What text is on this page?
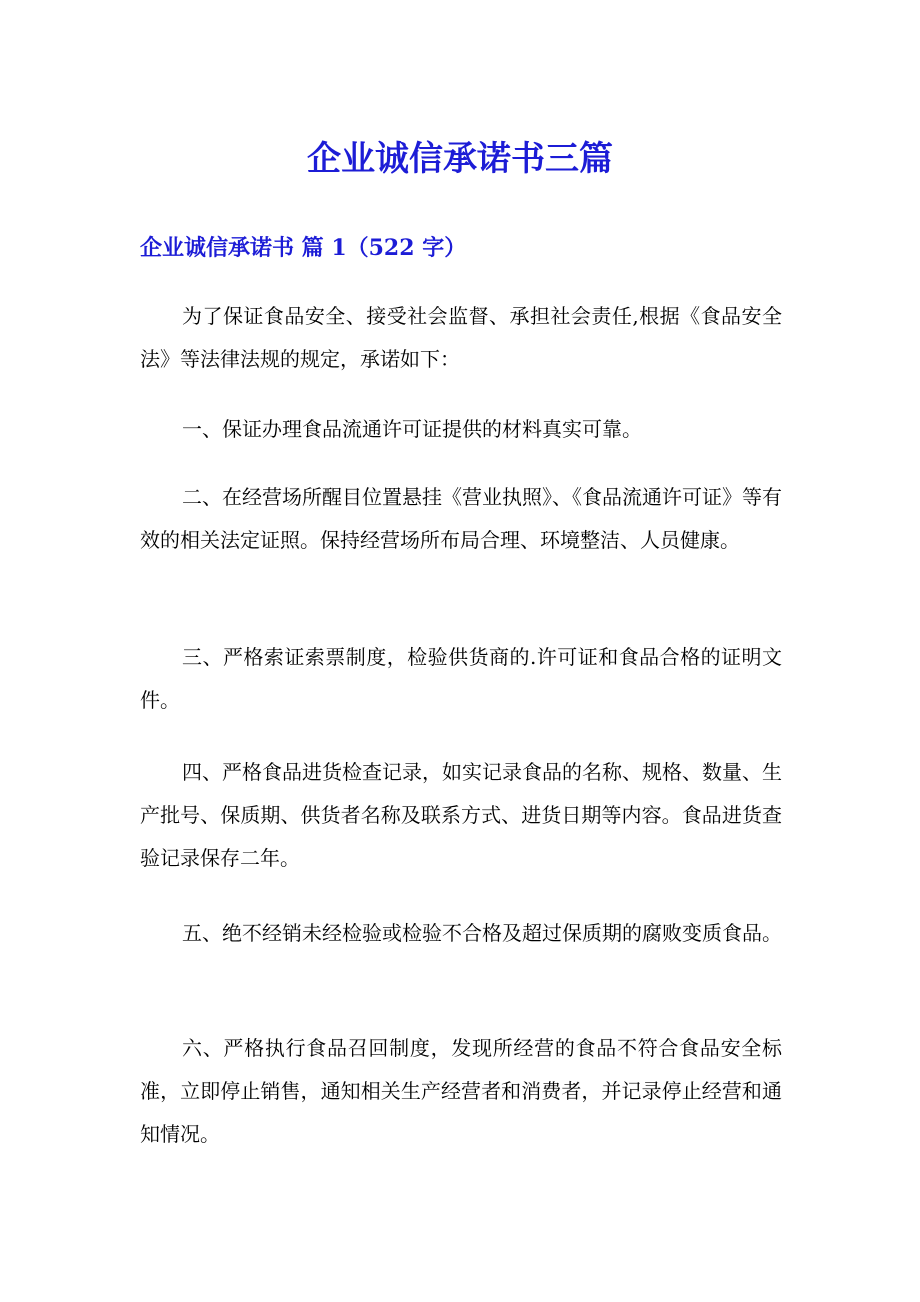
企业诚信承诺书三篇
企业诚信承诺书 篇 1（522 字）

为了保证食品安全、接受社会监督、承担社会责任,根据《食品安全法》等法律法规的规定，承诺如下：

一、保证办理食品流通许可证提供的材料真实可靠。

二、在经营场所醒目位置悬挂《营业执照》、《食品流通许可证》等有效的相关法定证照。保持经营场所布局合理、环境整洁、人员健康。

三、严格索证索票制度，检验供货商的.许可证和食品合格的证明文件。

四、严格食品进货检查记录，如实记录食品的名称、规格、数量、生产批号、保质期、供货者名称及联系方式、进货日期等内容。食品进货查验记录保存二年。

五、绝不经销未经检验或检验不合格及超过保质期的腐败变质食品。

六、严格执行食品召回制度，发现所经营的食品不符合食品安全标准，立即停止销售，通知相关生产经营者和消费者，并记录停止经营和通知情况。
